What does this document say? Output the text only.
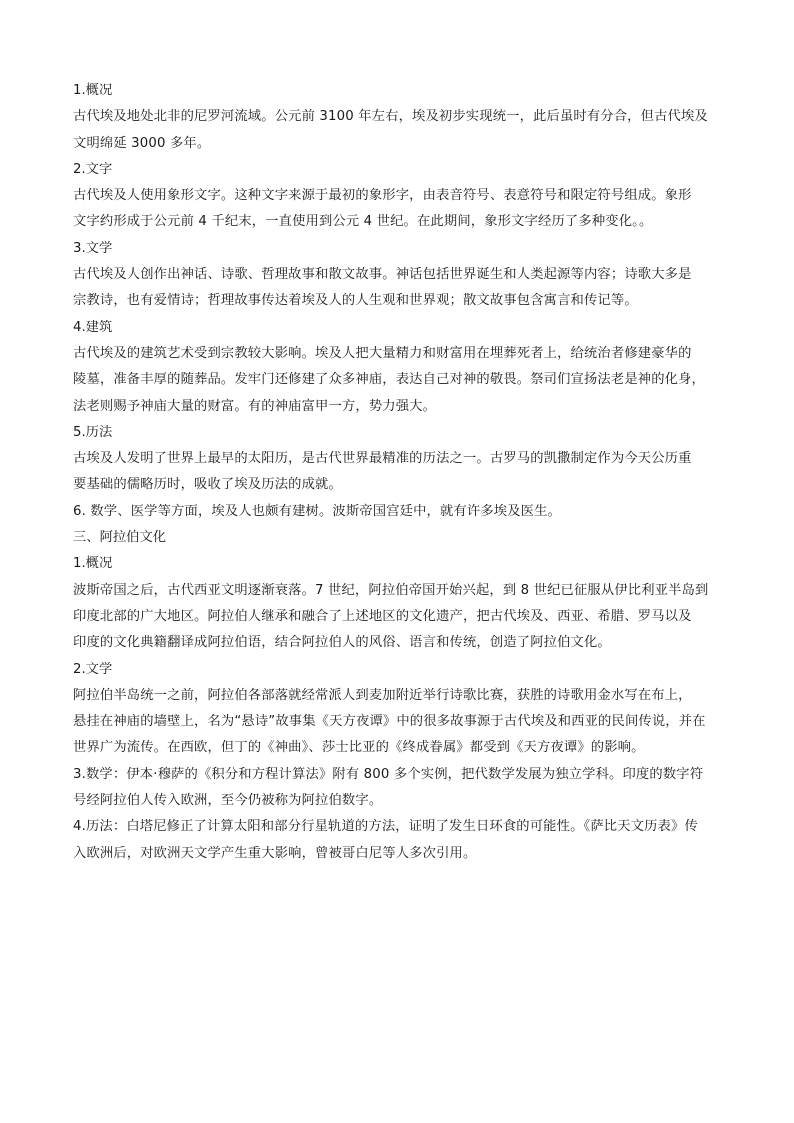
1.概况
古代埃及地处北非的尼罗河流域。公元前 3100 年左右，埃及初步实现统一，此后虽时有分合，但古代埃及
文明绵延 3000 多年。
2.文字
古代埃及人使用象形文字。这种文字来源于最初的象形字，由表音符号、表意符号和限定符号组成。象形
文字约形成于公元前 4 千纪末，一直使用到公元 4 世纪。在此期间，象形文字经历了多种变化。。
3.文学
古代埃及人创作出神话、诗歌、哲理故事和散文故事。神话包括世界诞生和人类起源等内容；诗歌大多是
宗教诗，也有爱情诗；哲理故事传达着埃及人的人生观和世界观；散文故事包含寓言和传记等。
4.建筑
古代埃及的建筑艺术受到宗教较大影响。埃及人把大量精力和财富用在埋葬死者上，给统治者修建豪华的
陵墓，准备丰厚的随葬品。发牢门还修建了众多神庙，表达自己对神的敬畏。祭司们宣扬法老是神的化身，
法老则赐予神庙大量的财富。有的神庙富甲一方，势力强大。
5.历法
古埃及人发明了世界上最早的太阳历，是古代世界最精准的历法之一。古罗马的凯撒制定作为今天公历重
要基础的儒略历时，吸收了埃及历法的成就。
6. 数学、医学等方面，埃及人也颇有建树。波斯帝国宫廷中，就有许多埃及医生。
三、阿拉伯文化
1.概况
波斯帝国之后，古代西亚文明逐渐衰落。7 世纪，阿拉伯帝国开始兴起，到 8 世纪已征服从伊比利亚半岛到
印度北部的广大地区。阿拉伯人继承和融合了上述地区的文化遗产，把古代埃及、西亚、希腊、罗马以及
印度的文化典籍翻译成阿拉伯语，结合阿拉伯人的风俗、语言和传统，创造了阿拉伯文化。
2.文学
阿拉伯半岛统一之前，阿拉伯各部落就经常派人到麦加附近举行诗歌比赛，获胜的诗歌用金水写在布上，
悬挂在神庙的墙壁上，名为“悬诗”故事集《天方夜谭》中的很多故事源于古代埃及和西亚的民间传说，并在
世界广为流传。在西欧，但丁的《神曲》、莎士比亚的《终成眷属》都受到《天方夜谭》的影响。
3.数学：伊本·穆萨的《积分和方程计算法》附有 800 多个实例，把代数学发展为独立学科。印度的数字符
号经阿拉伯人传入欧洲，至今仍被称为阿拉伯数字。
4.历法：白塔尼修正了计算太阳和部分行星轨道的方法，证明了发生日环食的可能性。《萨比天文历表》传
入欧洲后，对欧洲天文学产生重大影响，曾被哥白尼等人多次引用。
